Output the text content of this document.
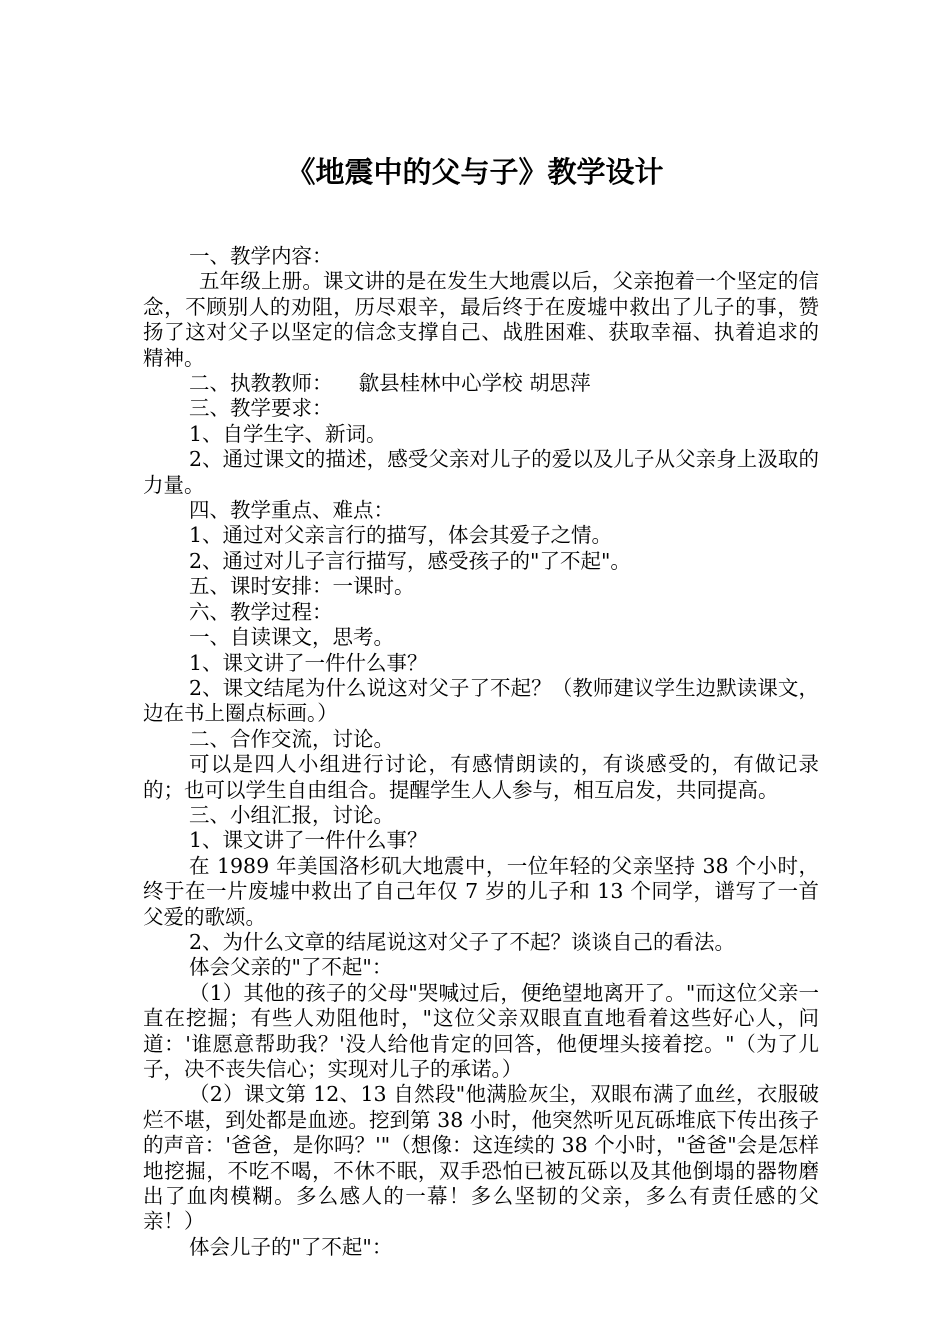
《地震中的父与子》教学设计

一、教学内容：

五年级上册。课文讲的是在发生大地震以后，父亲抱着一个坚定的信念，不顾别人的劝阻，历尽艰辛，最后终于在废墟中救出了儿子的事，赞扬了这对父子以坚定的信念支撑自己、战胜困难、获取幸福、执着追求的精神。

二、执教教师：    歙县桂林中心学校 胡思萍

三、教学要求：

1、自学生字、新词。

2、通过课文的描述，感受父亲对儿子的爱以及儿子从父亲身上汲取的力量。

四、教学重点、难点：

1、通过对父亲言行的描写，体会其爱子之情。

2、通过对儿子言行描写，感受孩子的"了不起"。

五、课时安排：一课时。

六、教学过程：

一、自读课文，思考。

1、课文讲了一件什么事？

2、课文结尾为什么说这对父子了不起？（教师建议学生边默读课文，边在书上圈点标画。）

二、合作交流，讨论。

可以是四人小组进行讨论，有感情朗读的，有谈感受的，有做记录的；也可以学生自由组合。提醒学生人人参与，相互启发，共同提高。

三、小组汇报，讨论。

1、课文讲了一件什么事？

在 1989 年美国洛杉矶大地震中，一位年轻的父亲坚持 38 个小时，终于在一片废墟中救出了自己年仅 7 岁的儿子和 13 个同学，谱写了一首父爱的歌颂。

2、为什么文章的结尾说这对父子了不起？谈谈自己的看法。

体会父亲的"了不起"：

（1）其他的孩子的父母"哭喊过后，便绝望地离开了。"而这位父亲一直在挖掘；有些人劝阻他时，"这位父亲双眼直直地看着这些好心人，问道：'谁愿意帮助我？'没人给他肯定的回答，他便埋头接着挖。"（为了儿子，决不丧失信心；实现对儿子的承诺。）

（2）课文第 12、13 自然段"他满脸灰尘，双眼布满了血丝，衣服破烂不堪，到处都是血迹。挖到第 38 小时，他突然听见瓦砾堆底下传出孩子的声音：'爸爸，是你吗？'"（想像：这连续的 38 个小时，"爸爸"会是怎样地挖掘，不吃不喝，不休不眠，双手恐怕已被瓦砾以及其他倒塌的器物磨出了血肉模糊。多么感人的一幕！多么坚韧的父亲，多么有责任感的父亲！）

体会儿子的"了不起"：
